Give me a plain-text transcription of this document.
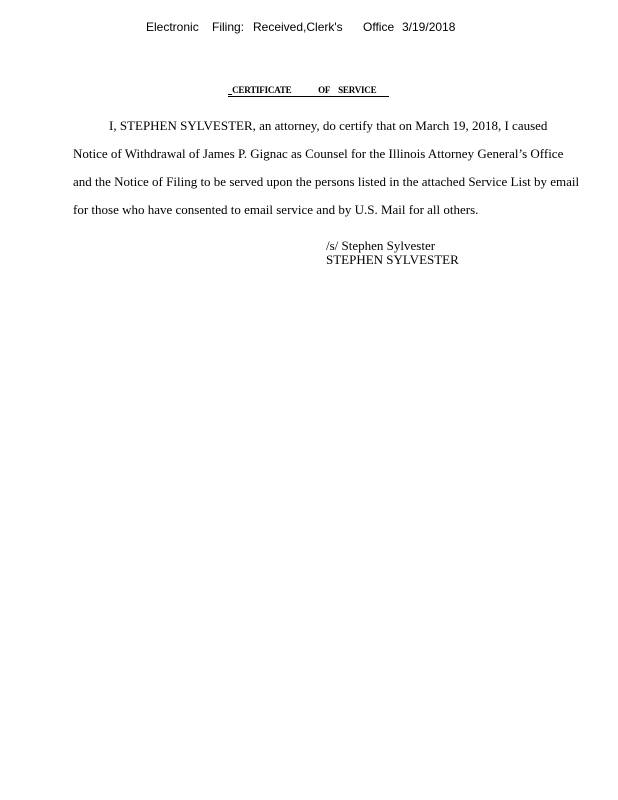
Electronic	Filing: Received,Clerk's	Office 3/19/2018

CERTIFICATE	OF SERVICE

I, STEPHEN SYLVESTER, an attorney, do certify that on March 19, 2018, I caused

Notice of Withdrawal of James P. Gignac as Counsel for the Illinois Attorney General’s Office

and the Notice of Filing to be served upon the persons listed in the attached Service List by email

for those who have consented to email service and by U.S. Mail for all others.

/s/ Stephen Sylvester
STEPHEN SYLVESTER
